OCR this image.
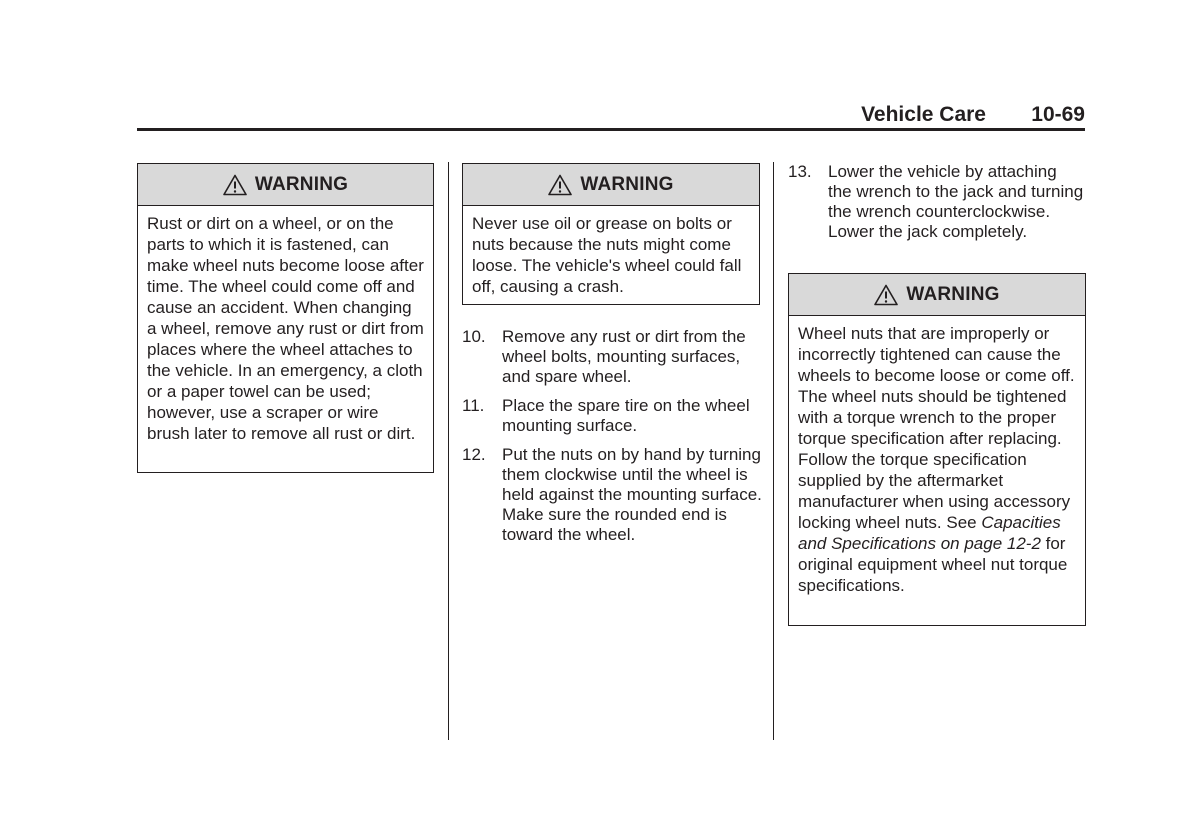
Vehicle Care 10-69
WARNING
Rust or dirt on a wheel, or on the parts to which it is fastened, can make wheel nuts become loose after time. The wheel could come off and cause an accident. When changing a wheel, remove any rust or dirt from places where the wheel attaches to the vehicle. In an emergency, a cloth or a paper towel can be used; however, use a scraper or wire brush later to remove all rust or dirt.
WARNING
Never use oil or grease on bolts or nuts because the nuts might come loose. The vehicle's wheel could fall off, causing a crash.
10. Remove any rust or dirt from the wheel bolts, mounting surfaces, and spare wheel.
11.	Place the spare tire on the wheel mounting surface.
12. Put the nuts on by hand by turning them clockwise until the wheel is held against the mounting surface. Make sure the rounded end is toward the wheel.
13. Lower the vehicle by attaching the wrench to the jack and turning the wrench counterclockwise. Lower the jack completely.
WARNING
Wheel nuts that are improperly or incorrectly tightened can cause the wheels to become loose or come off. The wheel nuts should be tightened with a torque wrench to the proper torque specification after replacing. Follow the torque specification supplied by the aftermarket manufacturer when using accessory locking wheel nuts. See Capacities and Specifications on page 12-2 for original equipment wheel nut torque specifications.
